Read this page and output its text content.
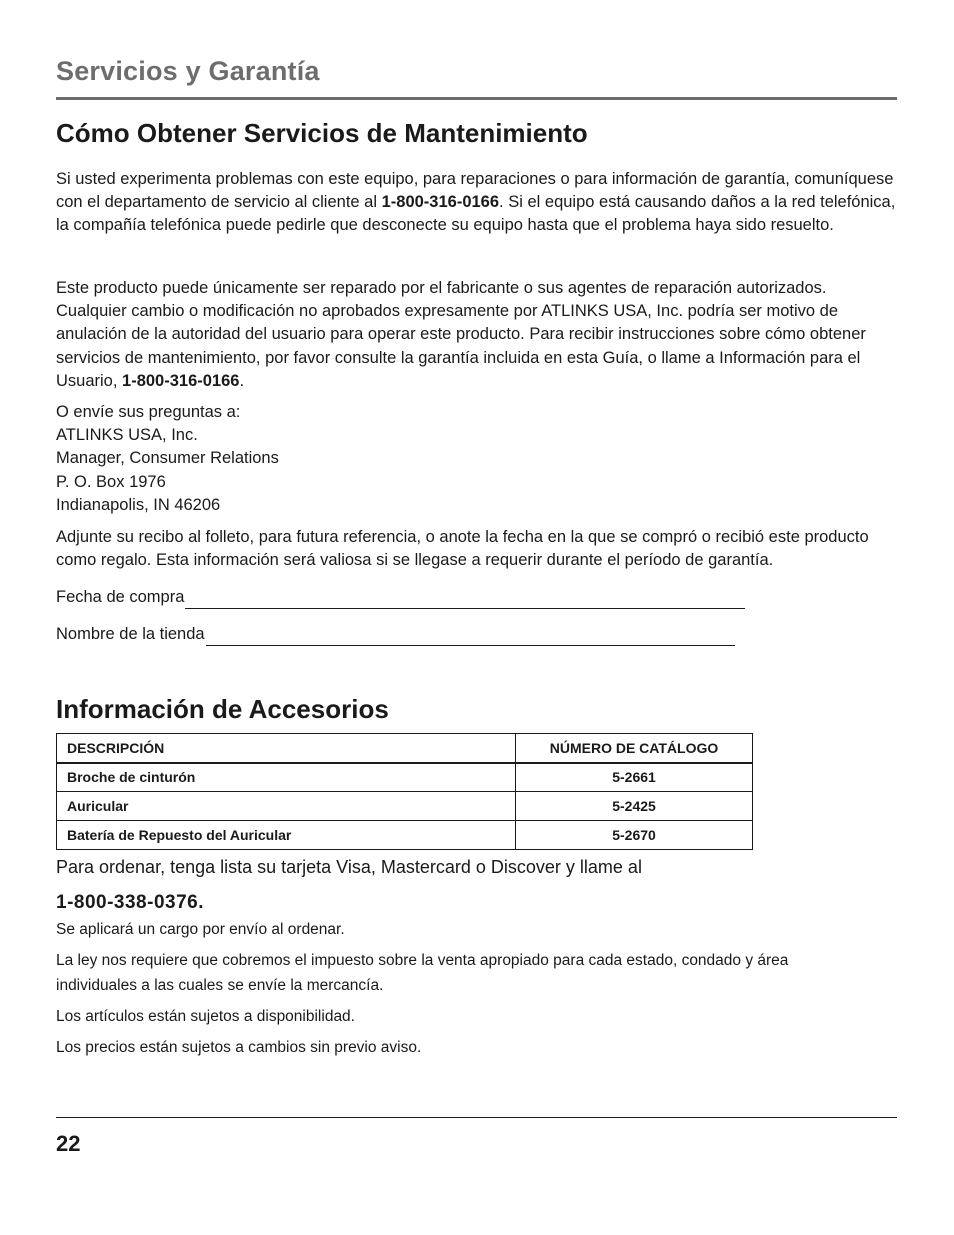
Servicios y Garantía
Cómo Obtener Servicios de Mantenimiento

Si usted experimenta problemas con este equipo, para reparaciones o para información de garantía, comuníquese con el departamento de servicio al cliente al 1-800-316-0166. Si el equipo está causando daños a la red telefónica, la compañía telefónica puede pedirle que desconecte su equipo hasta que el problema haya sido resuelto.

Este producto puede únicamente ser reparado por el fabricante o sus agentes de reparación autorizados. Cualquier cambio o modificación no aprobados expresamente por ATLINKS USA, Inc. podría ser motivo de anulación de la autoridad del usuario para operar este producto. Para recibir instrucciones sobre cómo obtener servicios de mantenimiento, por favor consulte la garantía incluida en esta Guía, o llame a Información para el Usuario, 1-800-316-0166.

O envíe sus preguntas a:
ATLINKS USA, Inc.
Manager, Consumer Relations
P. O. Box 1976
Indianapolis, IN 46206

Adjunte su recibo al folleto, para futura referencia, o anote la fecha en la que se compró o recibió este producto como regalo. Esta información será valiosa si se llegase a requerir durante el período de garantía.

Fecha de compra
Nombre de la tienda
Información de Accesorios
DESCRIPCIÓN	NÚMERO DE CATÁLOGO
Broche de cinturón	5-2661
Auricular	5-2425
Batería de Repuesto del Auricular	5-2670
Para ordenar, tenga lista su tarjeta Visa, Mastercard o Discover y llame al
1-800-338-0376.

Se aplicará un cargo por envío al ordenar.

La ley nos requiere que cobremos el impuesto sobre la venta apropiado para cada estado, condado y área individuales a las cuales se envíe la mercancía.

Los artículos están sujetos a disponibilidad.

Los precios están sujetos a cambios sin previo aviso.

22
